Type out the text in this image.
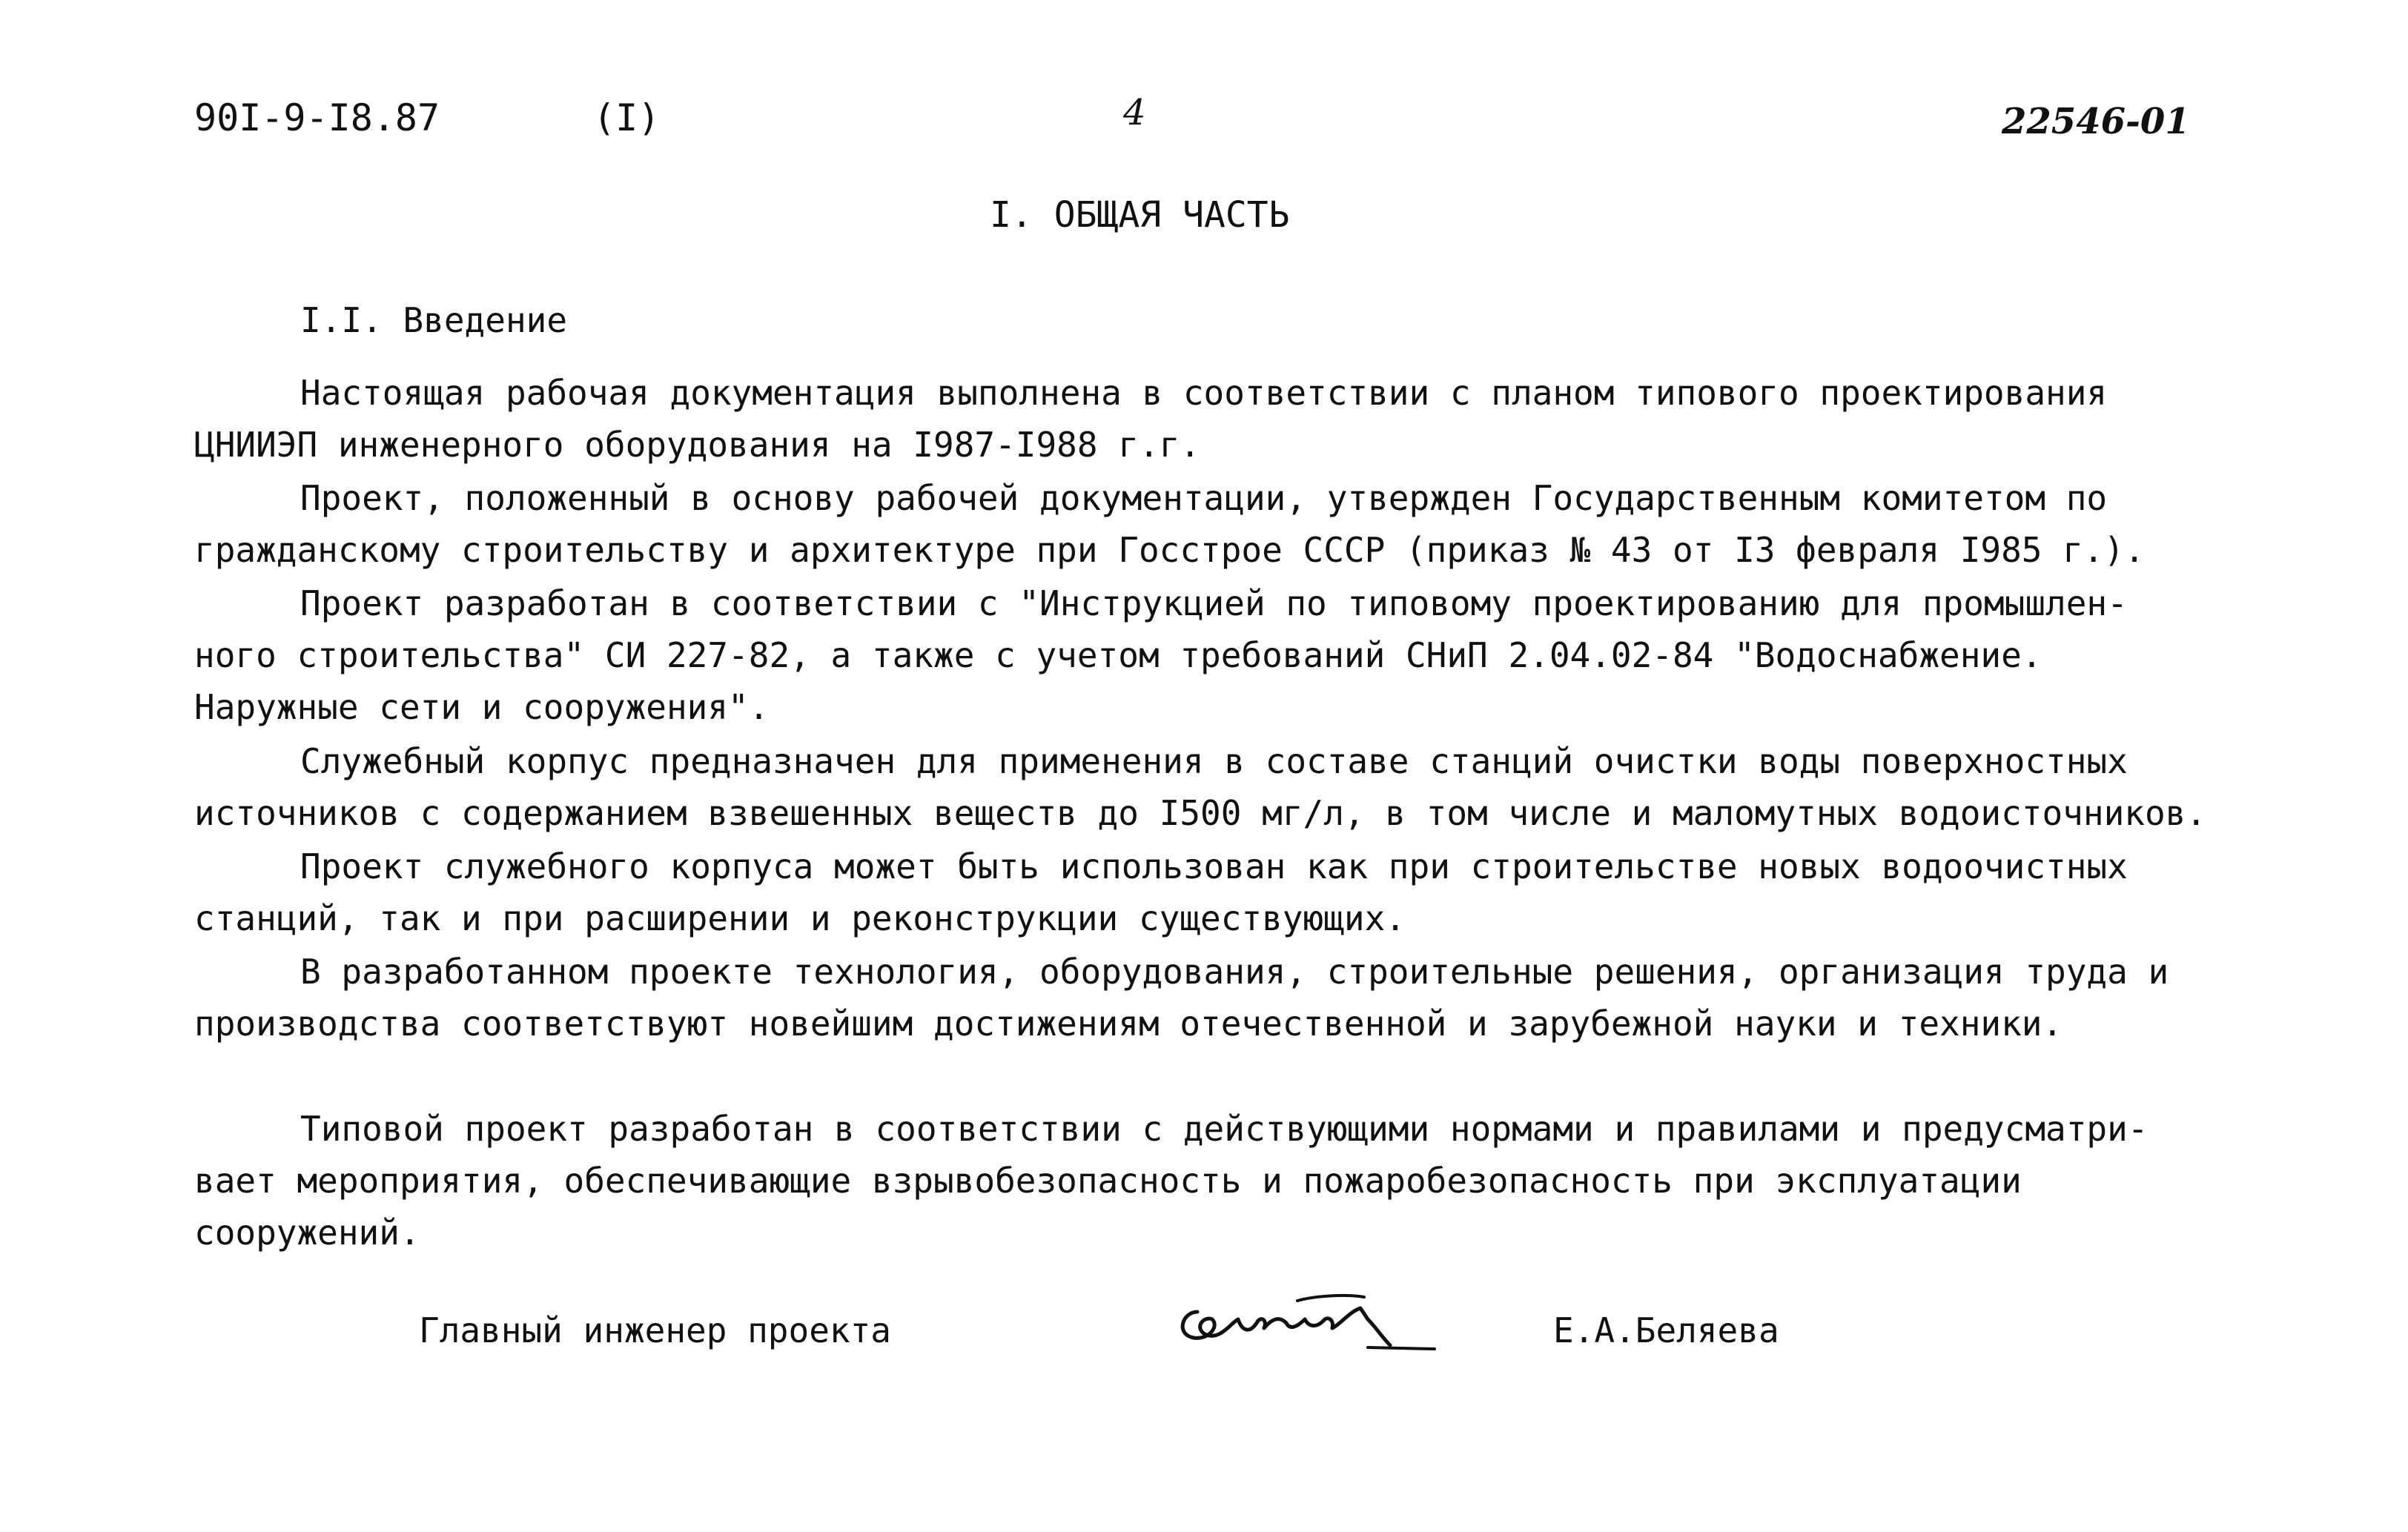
90I-9-I8.87	(I)	4	22546-01
I. ОБЩАЯ ЧАСТЬ
I.I. Введение
Настоящая рабочая документация выполнена в соответствии с планом типового проектирования
ЦНИИЭП инженерного оборудования на I987-I988 г.г.
Проект, положенный в основу рабочей документации, утвержден Государственным комитетом по
гражданскому строительству и архитектуре при Госстрое СССР (приказ № 43 от I3 февраля I985 г.).
Проект разработан в соответствии с "Инструкцией по типовому проектированию для промышлен-
ного строительства" СИ 227-82, а также с учетом требований СНиП 2.04.02-84 "Водоснабжение.
Наружные сети и сооружения".
Служебный корпус предназначен для применения в составе станций очистки воды поверхностных
источников с содержанием взвешенных веществ до I500 мг/л, в том числе и маломутных водоисточников.
Проект служебного корпуса может быть использован как при строительстве новых водоочистных
станций, так и при расширении и реконструкции существующих.
В разработанном проекте технология, оборудования, строительные решения, организация труда и
производства соответствуют новейшим достижениям отечественной и зарубежной науки и техники.
Типовой проект разработан в соответствии с действующими нормами и правилами и предусматри-
вает мероприятия, обеспечивающие взрывобезопасность и пожаробезопасность при эксплуатации
сооружений.
Главный инженер проекта	Е.А.Беляева
